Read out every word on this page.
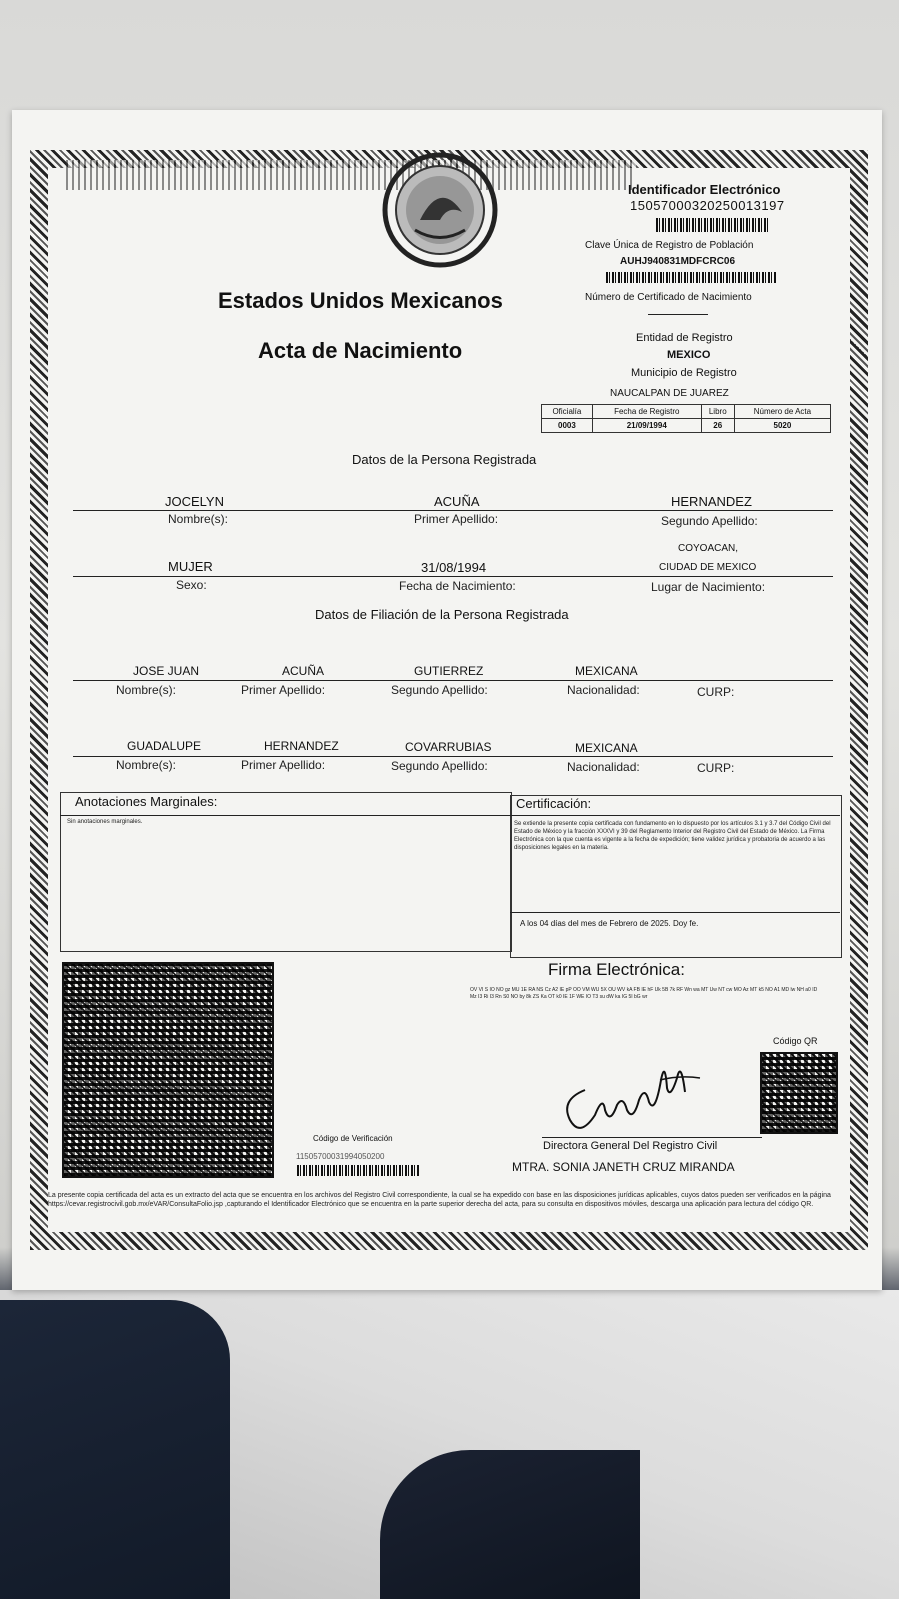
Estados Unidos Mexicanos
Acta de Nacimiento
Identificador Electrónico
1505700032025001319​7
Clave Única de Registro de Población
AUHJ940831MDFCRC06
Número de Certificado de Nacimiento
Entidad de Registro
MEXICO
Municipio de Registro
NAUCALPAN DE JUAREZ
Oficialía	Fecha de Registro	Libro	Número de Acta
0003	21/09/1994	26	5020
Datos de la Persona Registrada
JOCELYN	ACUÑA	HERNANDEZ
Nombre(s):	Primer Apellido:	Segundo Apellido:
COYOACAN,
MUJER	31/08/1994	CIUDAD DE MEXICO
Sexo:	Fecha de Nacimiento:	Lugar de Nacimiento:
Datos de Filiación de la Persona Registrada
JOSE JUAN	ACUÑA	GUTIERREZ	MEXICANA
Nombre(s):	Primer Apellido:	Segundo Apellido:	Nacionalidad:	CURP:
GUADALUPE	HERNANDEZ	COVARRUBIAS	MEXICANA
Nombre(s):	Primer Apellido:	Segundo Apellido:	Nacionalidad:	CURP:
Anotaciones Marginales:
Sin anotaciones marginales.
Certificación:
Se extiende la presente copia certificada con fundamento en lo dispuesto por los artículos 3.1 y 3.7 del Código Civil del Estado de México y la fracción XXXVI y 39 del Reglamento Interior del Registro Civil del Estado de México. La Firma Electrónica con la que cuenta es vigente a la fecha de expedición; tiene validez jurídica y probatoria de acuerdo a las disposiciones legales en la materia.
A los 04 días del mes de Febrero de 2025. Doy fe.
Firma Electrónica:
OV VI S IO NO gz MU 1E RA NS Cz A2 IE pP OO VM WU 5X OU WV kA FB IE hF Uk 5B 7k RF Wn wa MT Uw NT cw MO Az MT k5 NO A1 MD lw NH a0 ID Mz I3 Ri I3 Rn S0 NO by 8k ZS Ka OT k0 IE 1F WE IO T3 su dW ka IG 5I bG wr
Código QR
Código de Verificación
115057000319940502​00
Directora General Del Registro Civil
MTRA. SONIA JANETH CRUZ MIRANDA
La presente copia certificada del acta es un extracto del acta que se encuentra en los archivos del Registro Civil correspondiente, la cual se ha expedido con base en las disposiciones jurídicas aplicables, cuyos datos pueden ser verificados en la página https://cevar.registrocivil.gob.mx/eVAR/ConsultaFolio.jsp ,capturando el Identificador Electrónico que se encuentra en la parte superior derecha del acta, para su consulta en dispositivos móviles, descarga una aplicación para lectura del código QR.
